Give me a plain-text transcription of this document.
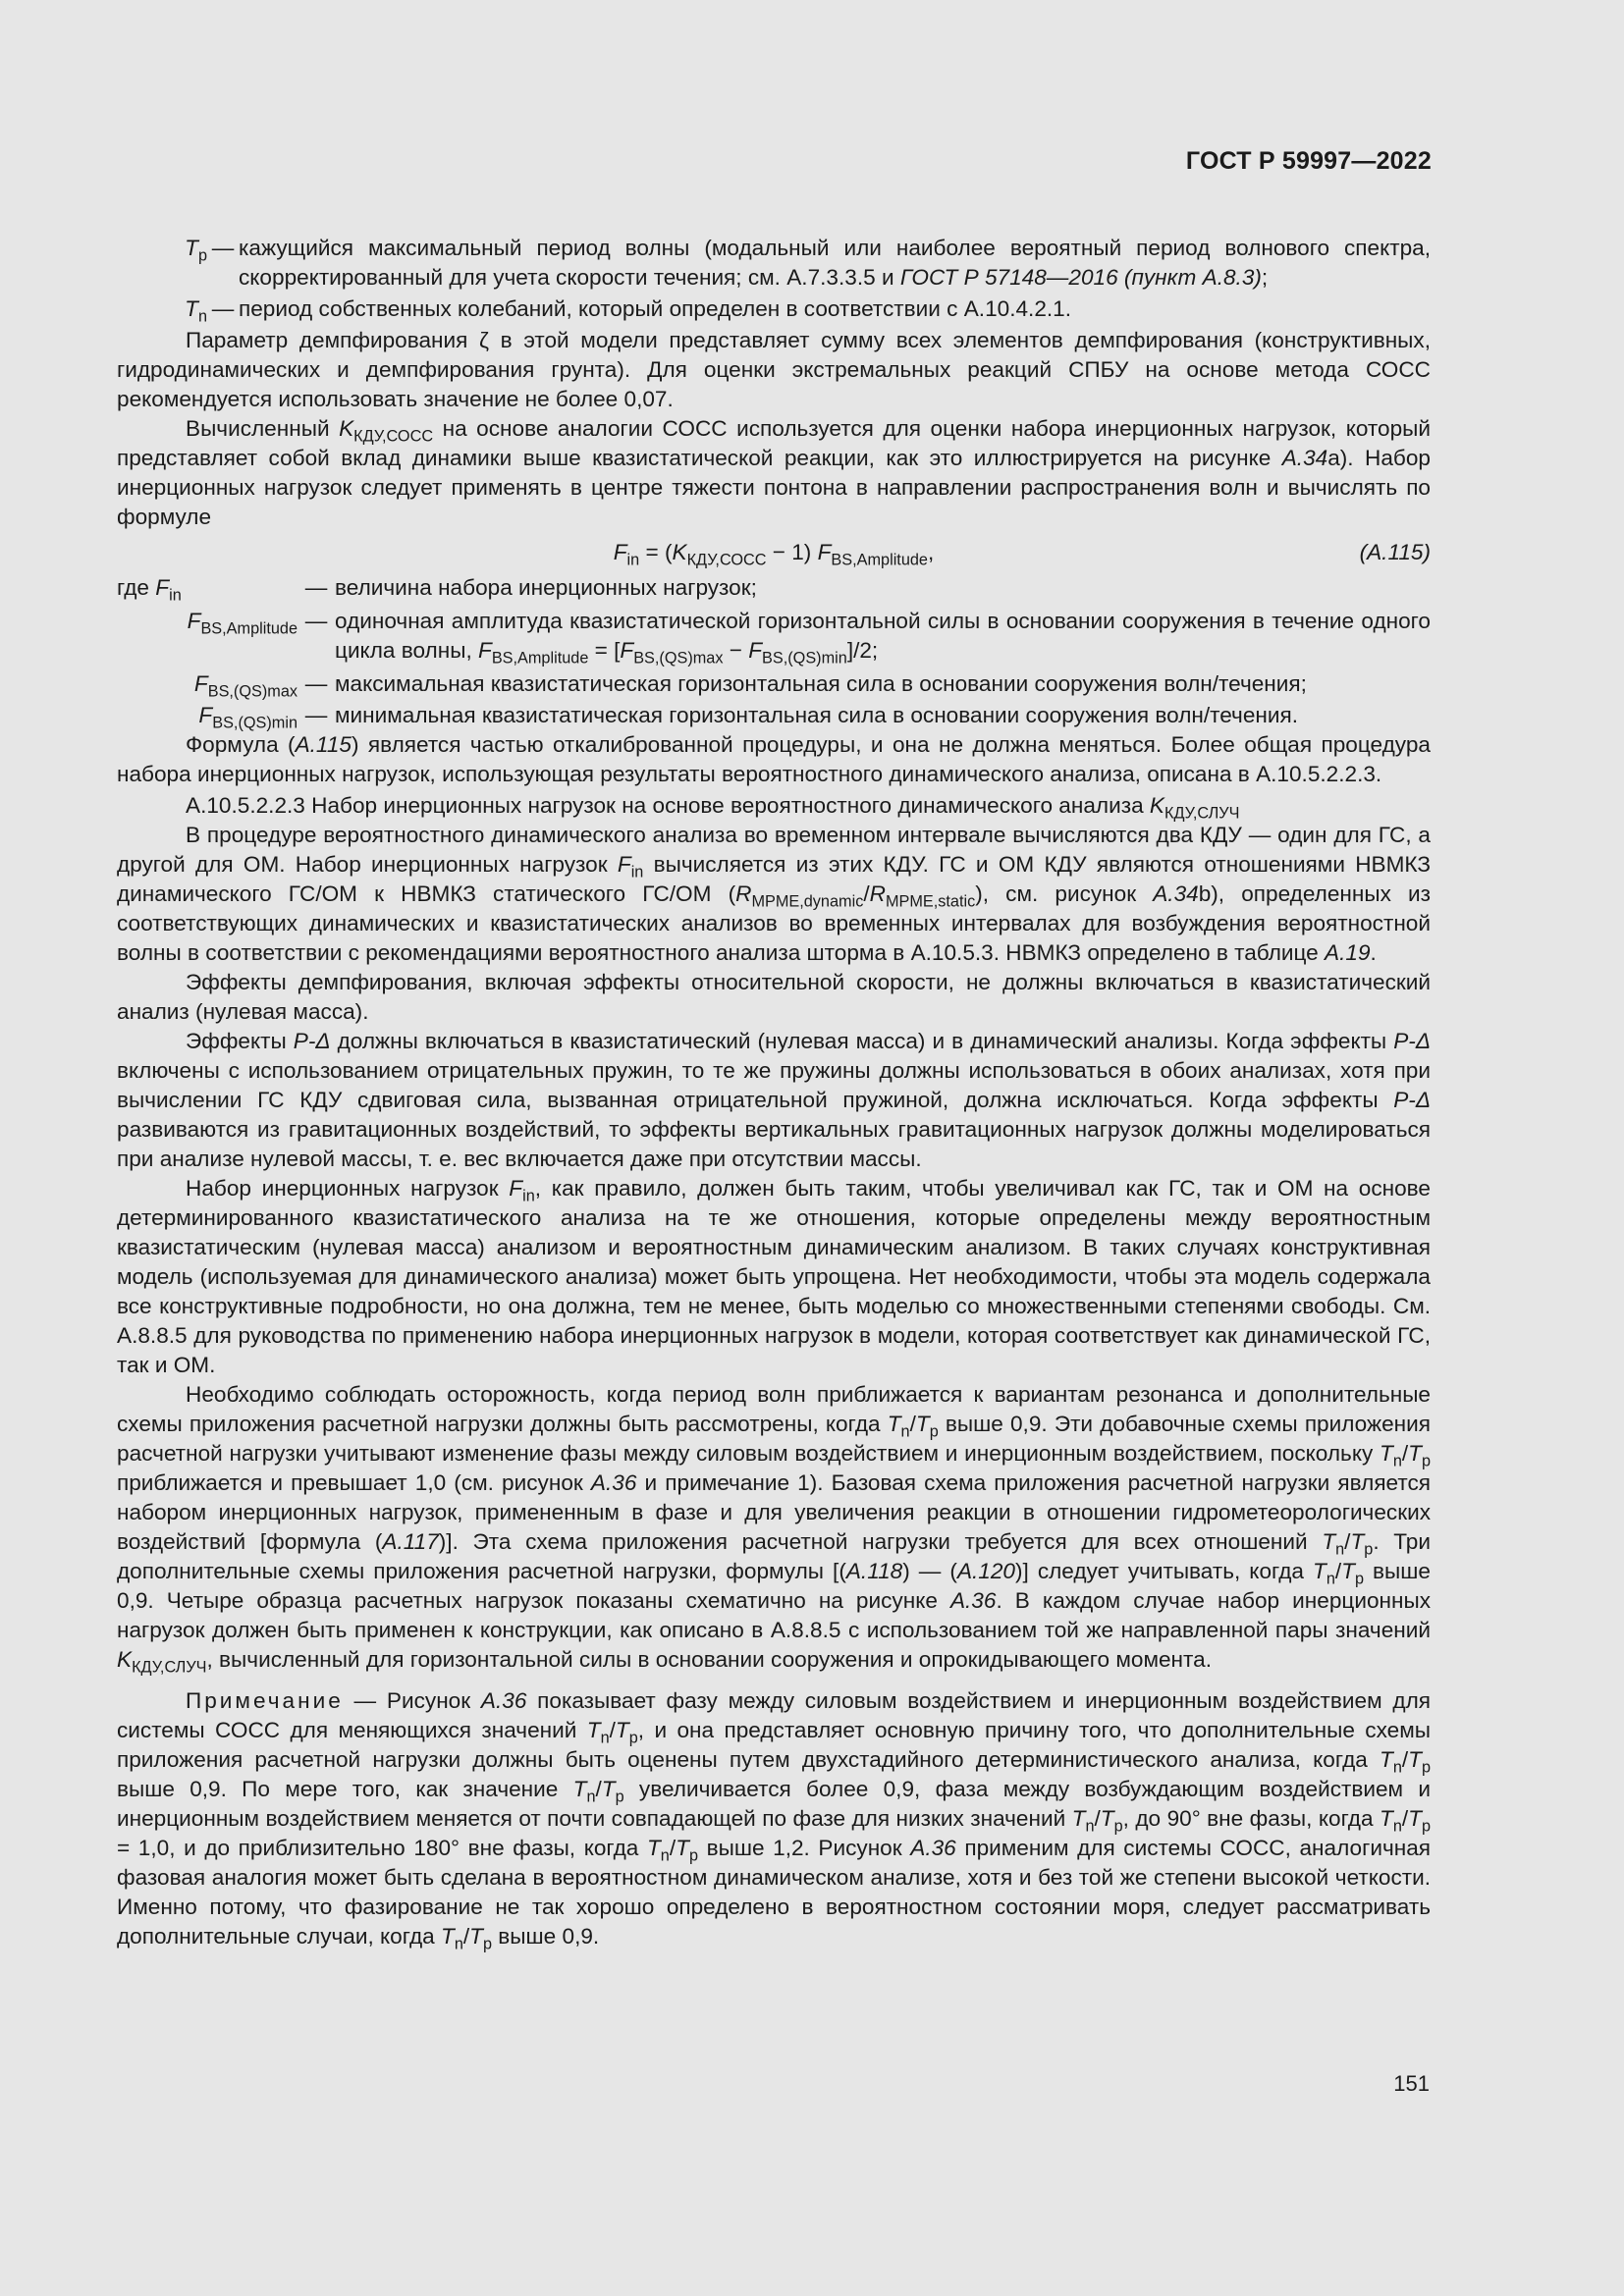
ГОСТ Р 59997—2022
$T_p$ — кажущийся максимальный период волны (модальный или наиболее вероятный период волнового спектра, скорректированный для учета скорости течения; см. А.7.3.3.5 и ГОСТ Р 57148—2016 (пункт А.8.3);
$T_n$ — период собственных колебаний, который определен в соответствии с А.10.4.2.1.

Параметр демпфирования ζ в этой модели представляет сумму всех элементов демпфирования (конструктивных, гидродинамических и демпфирования грунта). Для оценки экстремальных реакций СПБУ на основе метода СОСС рекомендуется использовать значение не более 0,07.

Вычисленный $K_{КДУ,СОСС}$ на основе аналогии СОСС используется для оценки набора инерционных нагрузок, который представляет собой вклад динамики выше квазистатической реакции, как это иллюстрируется на рисунке А.34а). Набор инерционных нагрузок следует применять в центре тяжести понтона в направлении распространения волн и вычислять по формуле

$F_{in} = (K_{КДУ,СОСС} - 1)$ $F_{BS,Amplitude}$,	(А.115)
где $F_{in}$	— величина набора инерционных нагрузок;
$F_{BS,Amplitude}$ — одиночная амплитуда квазистатической горизонтальной силы в основании сооружения в течение одного цикла волны, $F_{BS,Amplitude} = [F_{BS,(QS)max} - F_{BS,(QS)min}]/2$;
$F_{BS,(QS)max}$ — максимальная квазистатическая горизонтальная сила в основании сооружения волн/течения;
$F_{BS,(QS)min}$ — минимальная квазистатическая горизонтальная сила в основании сооружения волн/течения.

Формула (А.115) является частью откалиброванной процедуры, и она не должна меняться. Более общая процедура набора инерционных нагрузок, использующая результаты вероятностного динамического анализа, описана в А.10.5.2.2.3.

А.10.5.2.2.3 Набор инерционных нагрузок на основе вероятностного динамического анализа $K_{КДУ,СЛУЧ}$

В процедуре вероятностного динамического анализа во временном интервале вычисляются два КДУ — один для ГС, а другой для ОМ. Набор инерционных нагрузок $F_{in}$ вычисляется из этих КДУ. ГС и ОМ КДУ являются отношениями НВМКЗ динамического ГС/ОМ к НВМКЗ статического ГС/ОМ $(R_{MPME,dynamic}/R_{MPME,static})$, см. рисунок А.34b), определенных из соответствующих динамических и квазистатических анализов во временных интервалах для возбуждения вероятностной волны в соответствии с рекомендациями вероятностного анализа шторма в А.10.5.3. НВМКЗ определено в таблице А.19.

Эффекты демпфирования, включая эффекты относительной скорости, не должны включаться в квазистатический анализ (нулевая масса).

Эффекты P-Δ должны включаться в квазистатический (нулевая масса) и в динамический анализы. Когда эффекты P-Δ включены с использованием отрицательных пружин, то те же пружины должны использоваться в обоих анализах, хотя при вычислении ГС КДУ сдвиговая сила, вызванная отрицательной пружиной, должна исключаться. Когда эффекты P-Δ развиваются из гравитационных воздействий, то эффекты вертикальных гравитационных нагрузок должны моделироваться при анализе нулевой массы, т. е. вес включается даже при отсутствии массы.

Набор инерционных нагрузок $F_{in}$, как правило, должен быть таким, чтобы увеличивал как ГС, так и ОМ на основе детерминированного квазистатического анализа на те же отношения, которые определены между вероятностным квазистатическим (нулевая масса) анализом и вероятностным динамическим анализом. В таких случаях конструктивная модель (используемая для динамического анализа) может быть упрощена. Нет необходимости, чтобы эта модель содержала все конструктивные подробности, но она должна, тем не менее, быть моделью со множественными степенями свободы. См. А.8.8.5 для руководства по применению набора инерционных нагрузок в модели, которая соответствует как динамической ГС, так и ОМ.

Необходимо соблюдать осторожность, когда период волн приближается к вариантам резонанса и дополнительные схемы приложения расчетной нагрузки должны быть рассмотрены, когда $T_n/T_p$ выше 0,9. Эти добавочные схемы приложения расчетной нагрузки учитывают изменение фазы между силовым воздействием и инерционным воздействием, поскольку $T_n/T_p$ приближается и превышает 1,0 (см. рисунок А.36 и примечание 1). Базовая схема приложения расчетной нагрузки является набором инерционных нагрузок, примененным в фазе и для увеличения реакции в отношении гидрометеорологических воздействий [формула (А.117)]. Эта схема приложения расчетной нагрузки требуется для всех отношений $T_n/T_p$. Три дополнительные схемы приложения расчетной нагрузки, формулы [(А.118) — (А.120)] следует учитывать, когда $T_n/T_p$ выше 0,9. Четыре образца расчетных нагрузок показаны схематично на рисунке А.36. В каждом случае набор инерционных нагрузок должен быть применен к конструкции, как описано в А.8.8.5 с использованием той же направленной пары значений $K_{КДУ,СЛУЧ}$, вычисленный для горизонтальной силы в основании сооружения и опрокидывающего момента.

Примечание — Рисунок А.36 показывает фазу между силовым воздействием и инерционным воздействием для системы СОСС для меняющихся значений $T_n/T_p$, и она представляет основную причину того, что дополнительные схемы приложения расчетной нагрузки должны быть оценены путем двухстадийного детерминистического анализа, когда $T_n/T_p$ выше 0,9. По мере того, как значение $T_n/T_p$ увеличивается более 0,9, фаза между возбуждающим воздействием и инерционным воздействием меняется от почти совпадающей по фазе для низких значений $T_n/T_p$, до 90° вне фазы, когда $T_n/T_p = 1,0$, и до приблизительно 180° вне фазы, когда $T_n/T_p$ выше 1,2. Рисунок А.36 применим для системы СОСС, аналогичная фазовая аналогия может быть сделана в вероятностном динамическом анализе, хотя и без той же степени высокой четкости. Именно потому, что фазирование не так хорошо определено в вероятностном состоянии моря, следует рассматривать дополнительные случаи, когда $T_n/T_p$ выше 0,9.

151
